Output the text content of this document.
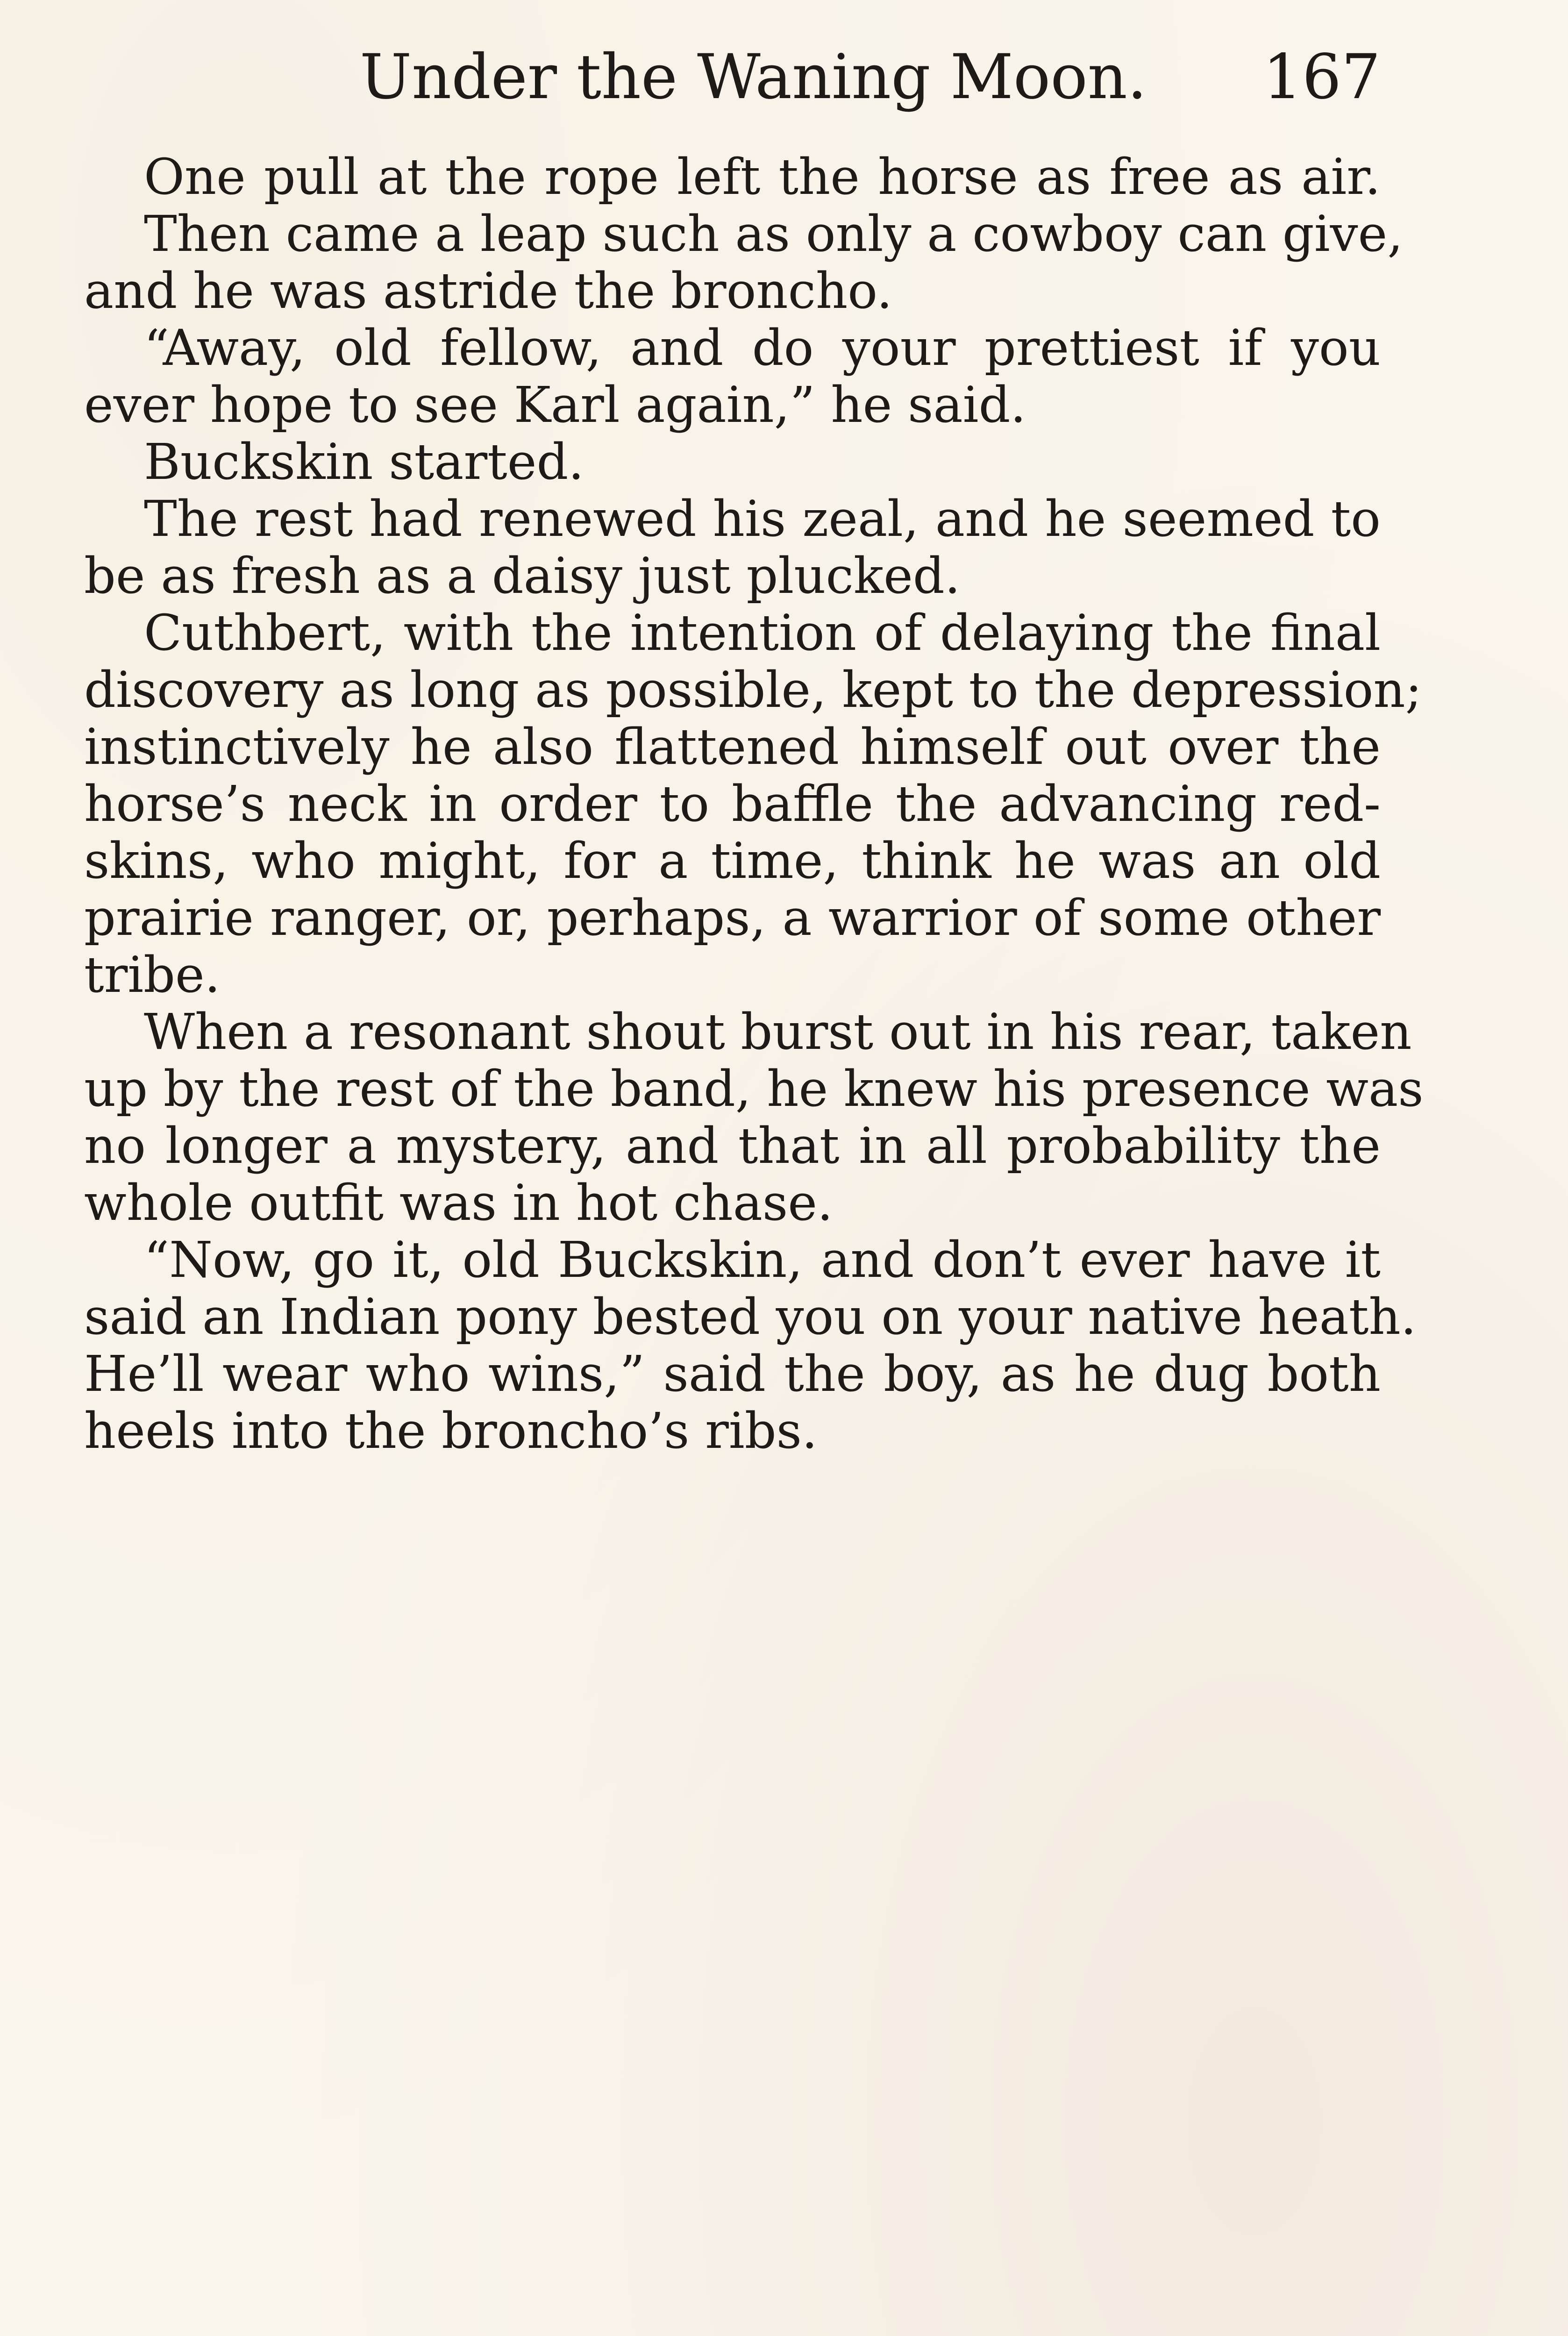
Under the Waning Moon. 167
One pull at the rope left the horse as free as air.
Then came a leap such as only a cowboy can give,
and he was astride the broncho.
“Away, old fellow, and do your prettiest if you
ever hope to see Karl again,” he said.
Buckskin started.
The rest had renewed his zeal, and he seemed to
be as fresh as a daisy just plucked.
Cuthbert, with the intention of delaying the final
discovery as long as possible, kept to the depression;
instinctively he also flattened himself out over the
horse’s neck in order to baffle the advancing red-
skins, who might, for a time, think he was an old
prairie ranger, or, perhaps, a warrior of some other
tribe.
When a resonant shout burst out in his rear, taken
up by the rest of the band, he knew his presence was
no longer a mystery, and that in all probability the
whole outfit was in hot chase.
“Now, go it, old Buckskin, and don’t ever have it
said an Indian pony bested you on your native heath.
He’ll wear who wins,” said the boy, as he dug both
heels into the broncho’s ribs.
